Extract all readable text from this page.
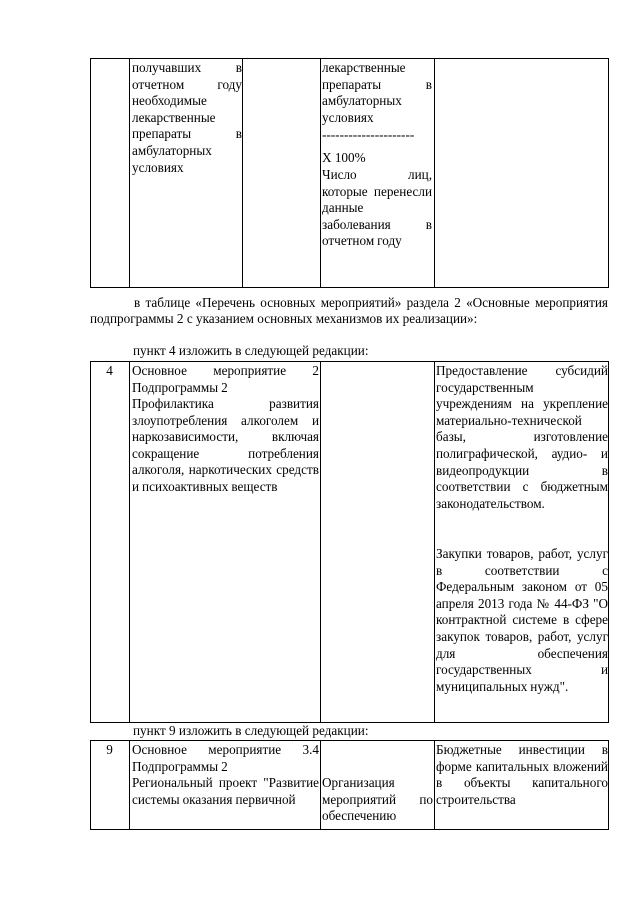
получавших в отчетном году необходимые лекарственные препараты в амбулаторных условиях
лекарственные препараты в амбулаторных условиях
---------------------
X 100%
Число лиц, которые перенесли данные заболевания в отчетном году
в таблице «Перечень основных мероприятий» раздела 2 «Основные мероприятия подпрограммы 2 с указанием основных механизмов их реализации»:
пункт 4 изложить в следующей редакции:
4	Основное мероприятие 2 Подпрограммы 2
Профилактика развития злоупотребления алкоголем и наркозависимости, включая сокращение потребления алкоголя, наркотических средств и психоактивных веществ
Предоставление субсидий государственным учреждениям на укрепление материально-технической базы, изготовление полиграфической, аудио- и видеопродукции в соответствии с бюджетным законодательством.
Закупки товаров, работ, услуг в соответствии с Федеральным законом от 05 апреля 2013 года № 44-ФЗ "О контрактной системе в сфере закупок товаров, работ, услуг для обеспечения государственных и муниципальных нужд".
пункт 9 изложить в следующей редакции:
9	Основное мероприятие 3.4 Подпрограммы 2
Региональный проект "Развитие системы оказания первичной
Организация мероприятий по обеспечению
Бюджетные инвестиции в форме капитальных вложений в объекты капитального строительства
